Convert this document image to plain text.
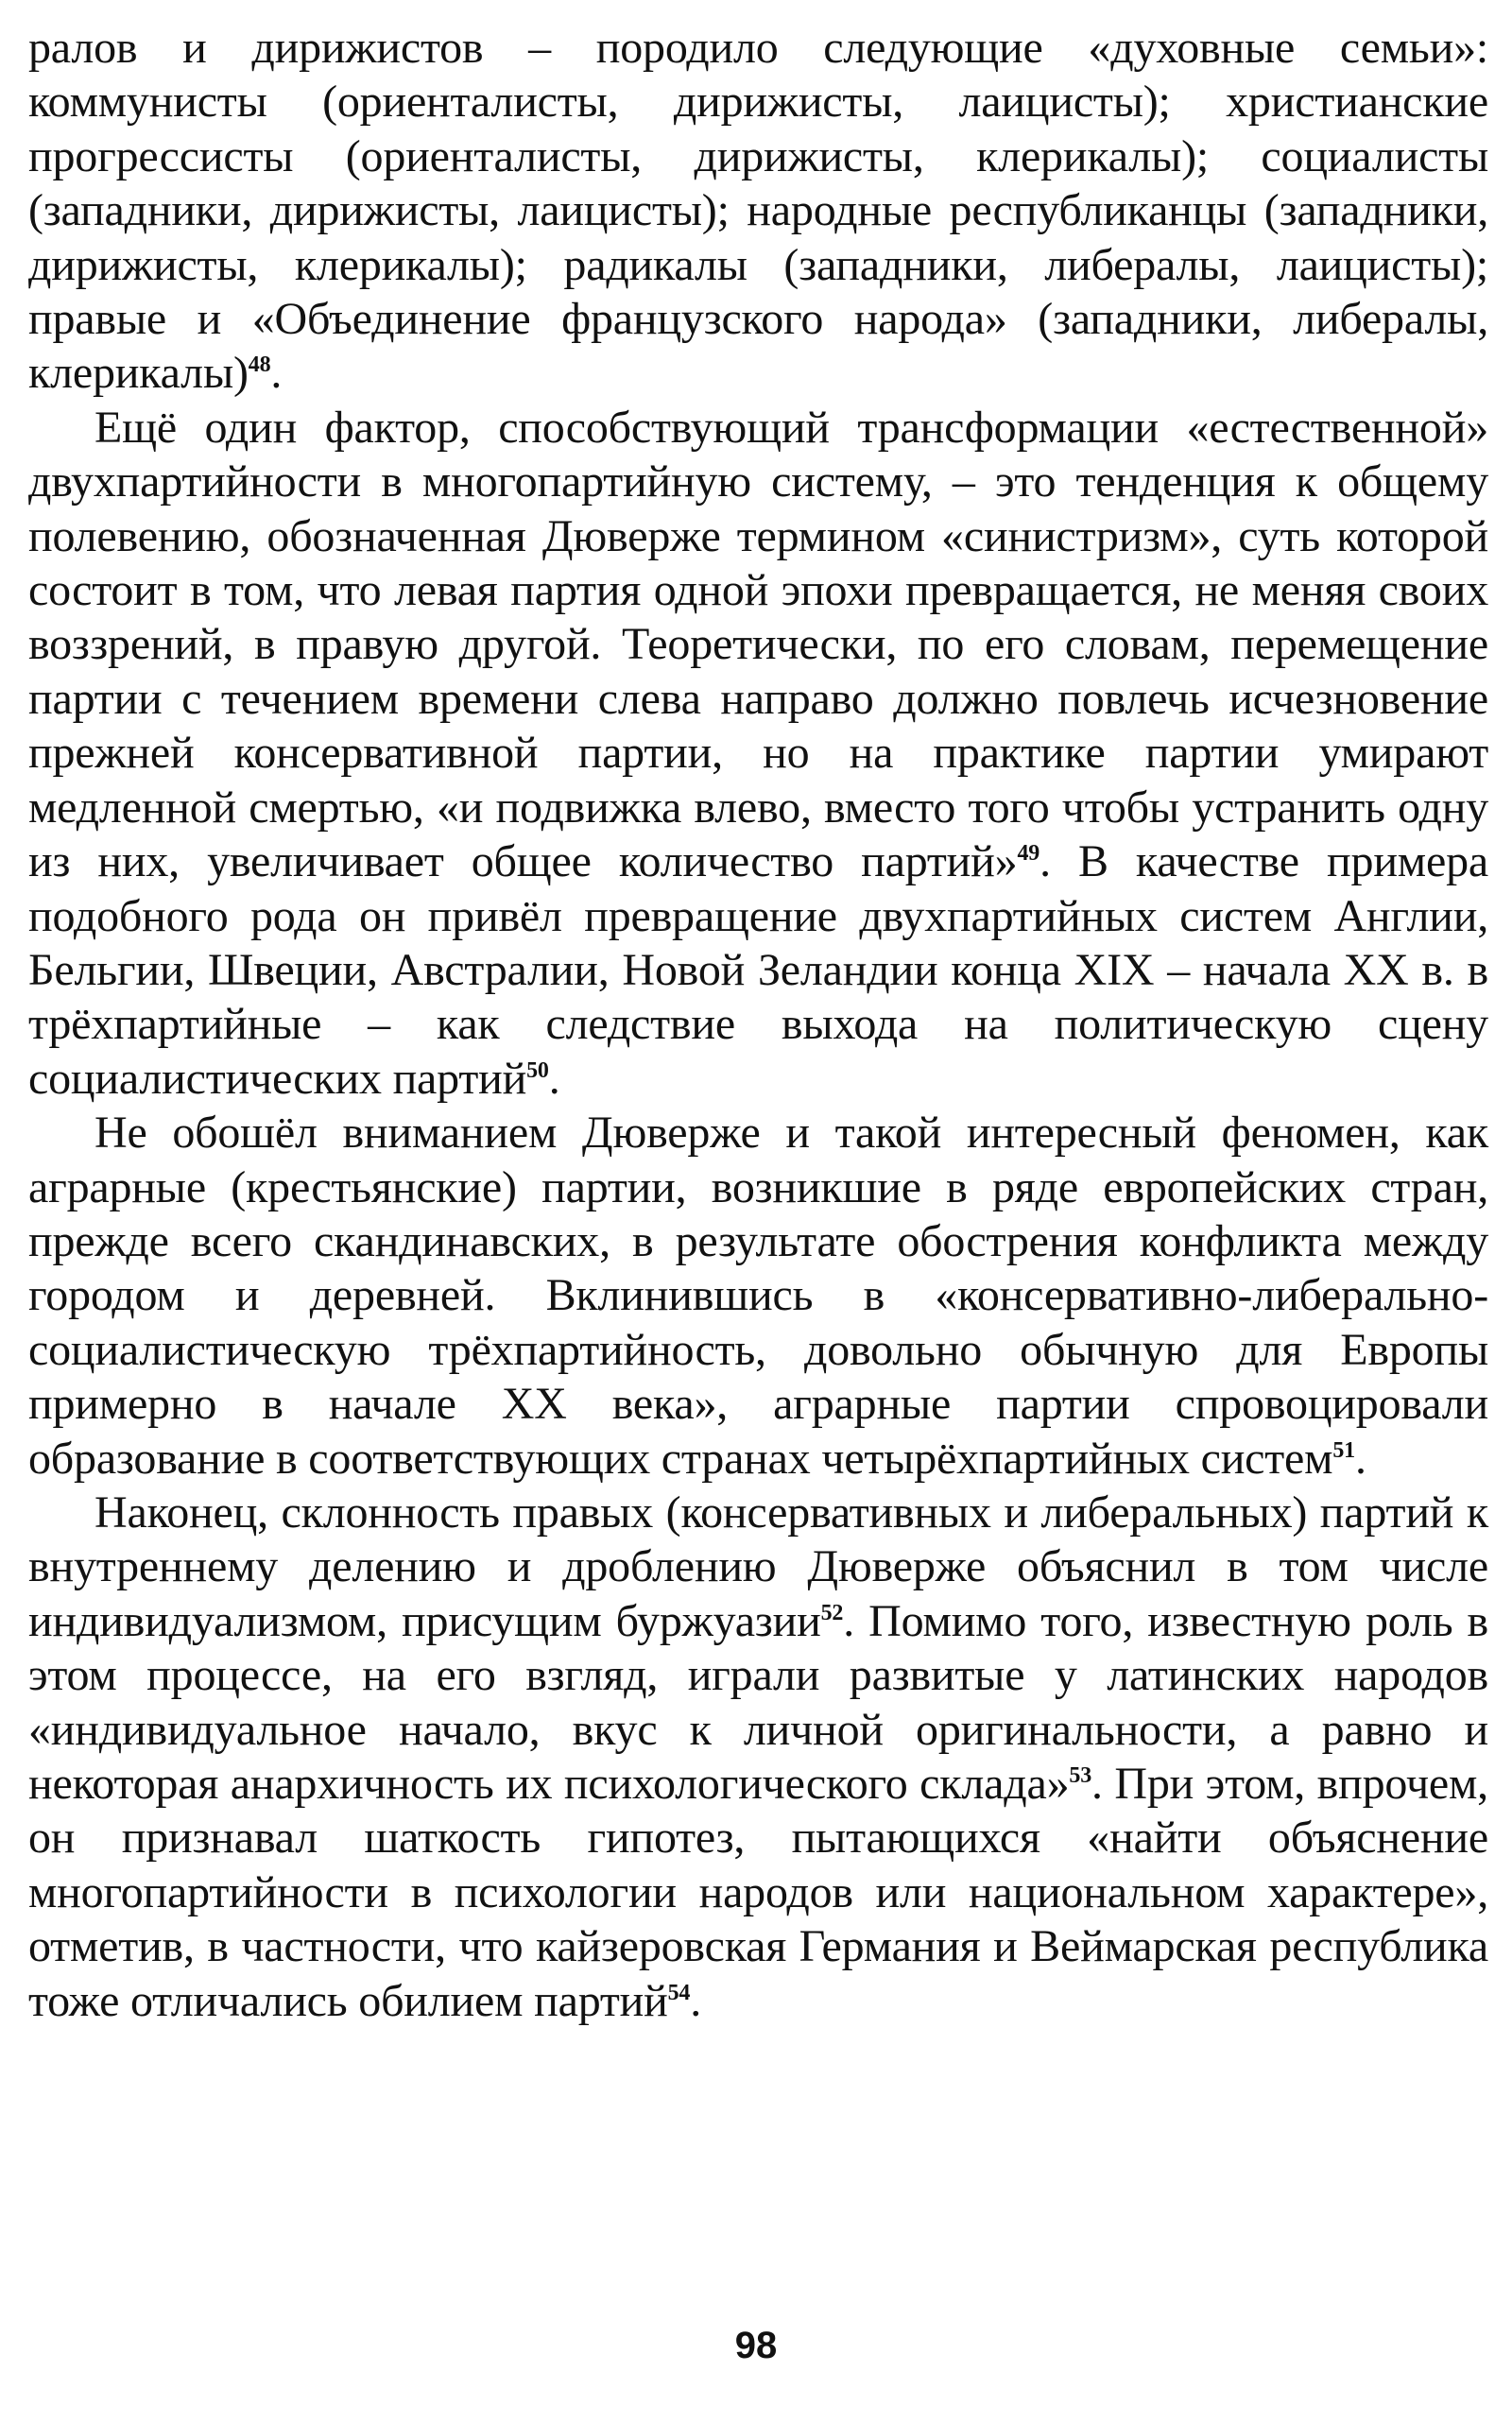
ралов и дирижистов – породило следующие «духовные семьи»: коммунисты (ориенталисты, дирижисты, лаицисты); христианские прогрессисты (ориенталисты, дирижисты, клерикалы); социалисты (западники, дирижисты, лаицисты); народные республиканцы (западники, дирижисты, клерикалы); радикалы (западники, либералы, лаицисты); правые и «Объединение французского народа» (западники, либералы, клерикалы)$^{48}$.

Ещё один фактор, способствующий трансформации «естественной» двухпартийности в многопартийную систему, – это тенденция к общему полевению, обозначенная Дюверже термином «синистризм», суть которой состоит в том, что левая партия одной эпохи превращается, не меняя своих воззрений, в правую другой. Теоретически, по его словам, перемещение партии с течением времени слева направо должно повлечь исчезновение прежней консервативной партии, но на практике партии умирают медленной смертью, «и подвижка влево, вместо того чтобы устранить одну из них, увеличивает общее количество партий»$^{49}$. В качестве примера подобного рода он привёл превращение двухпартийных систем Англии, Бельгии, Швеции, Австралии, Новой Зеландии конца XIX – начала XX в. в трёхпартийные – как следствие выхода на политическую сцену социалистических партий$^{50}$.

Не обошёл вниманием Дюверже и такой интересный феномен, как аграрные (крестьянские) партии, возникшие в ряде европейских стран, прежде всего скандинавских, в результате обострения конфликта между городом и деревней. Вклинившись в «консервативно-либерально-социалистическую трёхпартийность, довольно обычную для Европы примерно в начале XX века», аграрные партии спровоцировали образование в соответствующих странах четырёхпартийных систем$^{51}$.

Наконец, склонность правых (консервативных и либеральных) партий к внутреннему делению и дроблению Дюверже объяснил в том числе индивидуализмом, присущим буржуазии$^{52}$. Помимо того, известную роль в этом процессе, на его взгляд, играли развитые у латинских народов «индивидуальное начало, вкус к личной оригинальности, а равно и некоторая анархичность их психологического склада»$^{53}$. При этом, впрочем, он признавал шаткость гипотез, пытающихся «найти объяснение многопартийности в психологии народов или национальном характере», отметив, в частности, что кайзеровская Германия и Веймарская республика тоже отличались обилием партий$^{54}$.

98
